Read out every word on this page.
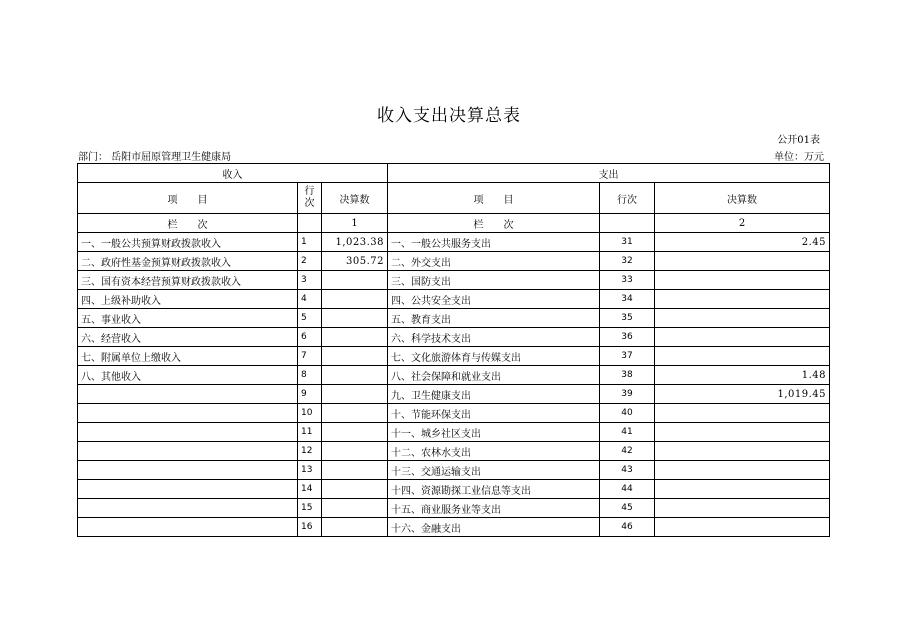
收入支出决算总表
公开01表
部门： 岳阳市屈原管理卫生健康局	单位：万元
收入			支出		
项　　目	行次	决算数	项　　目	行次	决算数
栏　　次		1	栏　　次		2
一、一般公共预算财政拨款收入	1	1,023.38	一、一般公共服务支出	31	2.45
二、政府性基金预算财政拨款收入	2	305.72	二、外交支出	32	
三、国有资本经营预算财政拨款收入	3		三、国防支出	33	
四、上级补助收入	4		四、公共安全支出	34	
五、事业收入	5		五、教育支出	35	
六、经营收入	6		六、科学技术支出	36	
七、附属单位上缴收入	7		七、文化旅游体育与传媒支出	37	
八、其他收入	8		八、社会保障和就业支出	38	1.48
	9		九、卫生健康支出	39	1,019.45
	10		十、节能环保支出	40	
	11		十一、城乡社区支出	41	
	12		十二、农林水支出	42	
	13		十三、交通运输支出	43	
	14		十四、资源勘探工业信息等支出	44	
	15		十五、商业服务业等支出	45	
	16		十六、金融支出	46	
